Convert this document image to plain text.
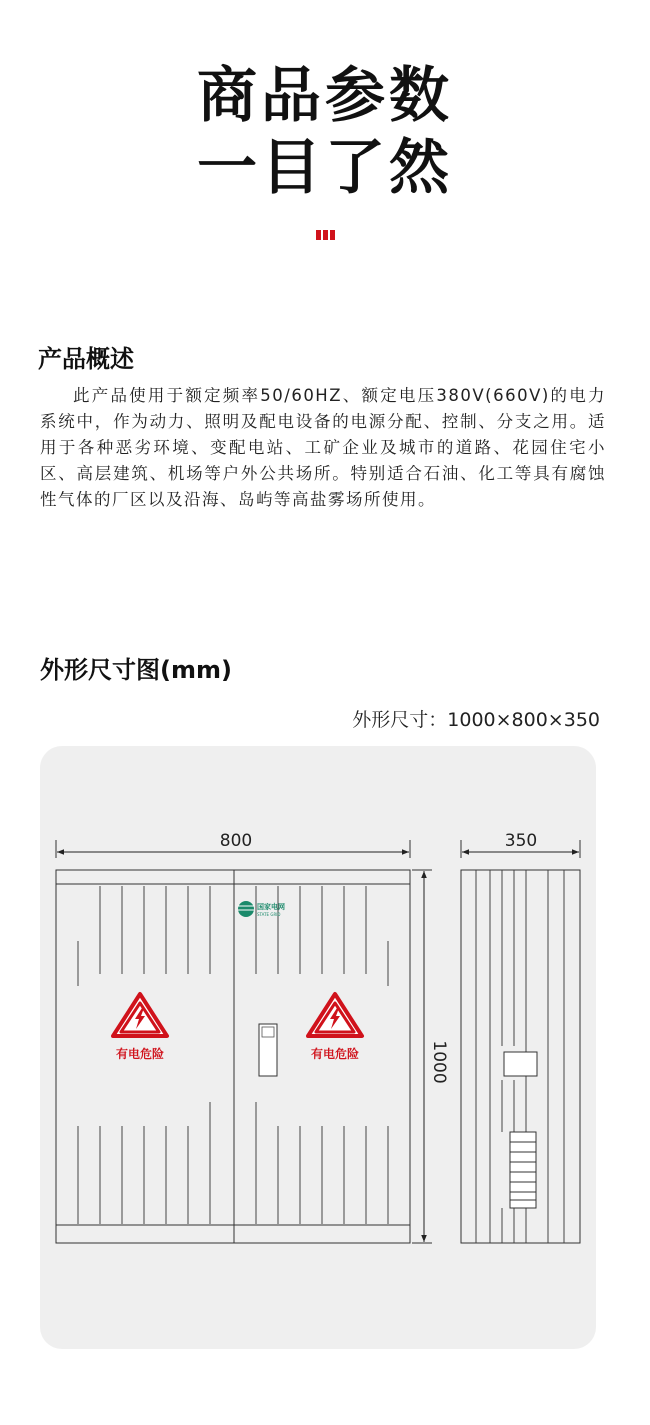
商品参数
一目了然
产品概述

此产品使用于额定频率50/60HZ、额定电压380V(660V)的电力系统中，作为动力、照明及配电设备的电源分配、控制、分支之用。适用于各种恶劣环境、变配电站、工矿企业及城市的道路、花园住宅小区、高层建筑、机场等户外公共场所。特别适合石油、化工等具有腐蚀性气体的厂区以及沿海、岛屿等高盐雾场所使用。

外形尺寸图(mm)
外形尺寸：1000×800×350
800	350
1000
国家电网
STATE GRID
有电危险	有电危险
